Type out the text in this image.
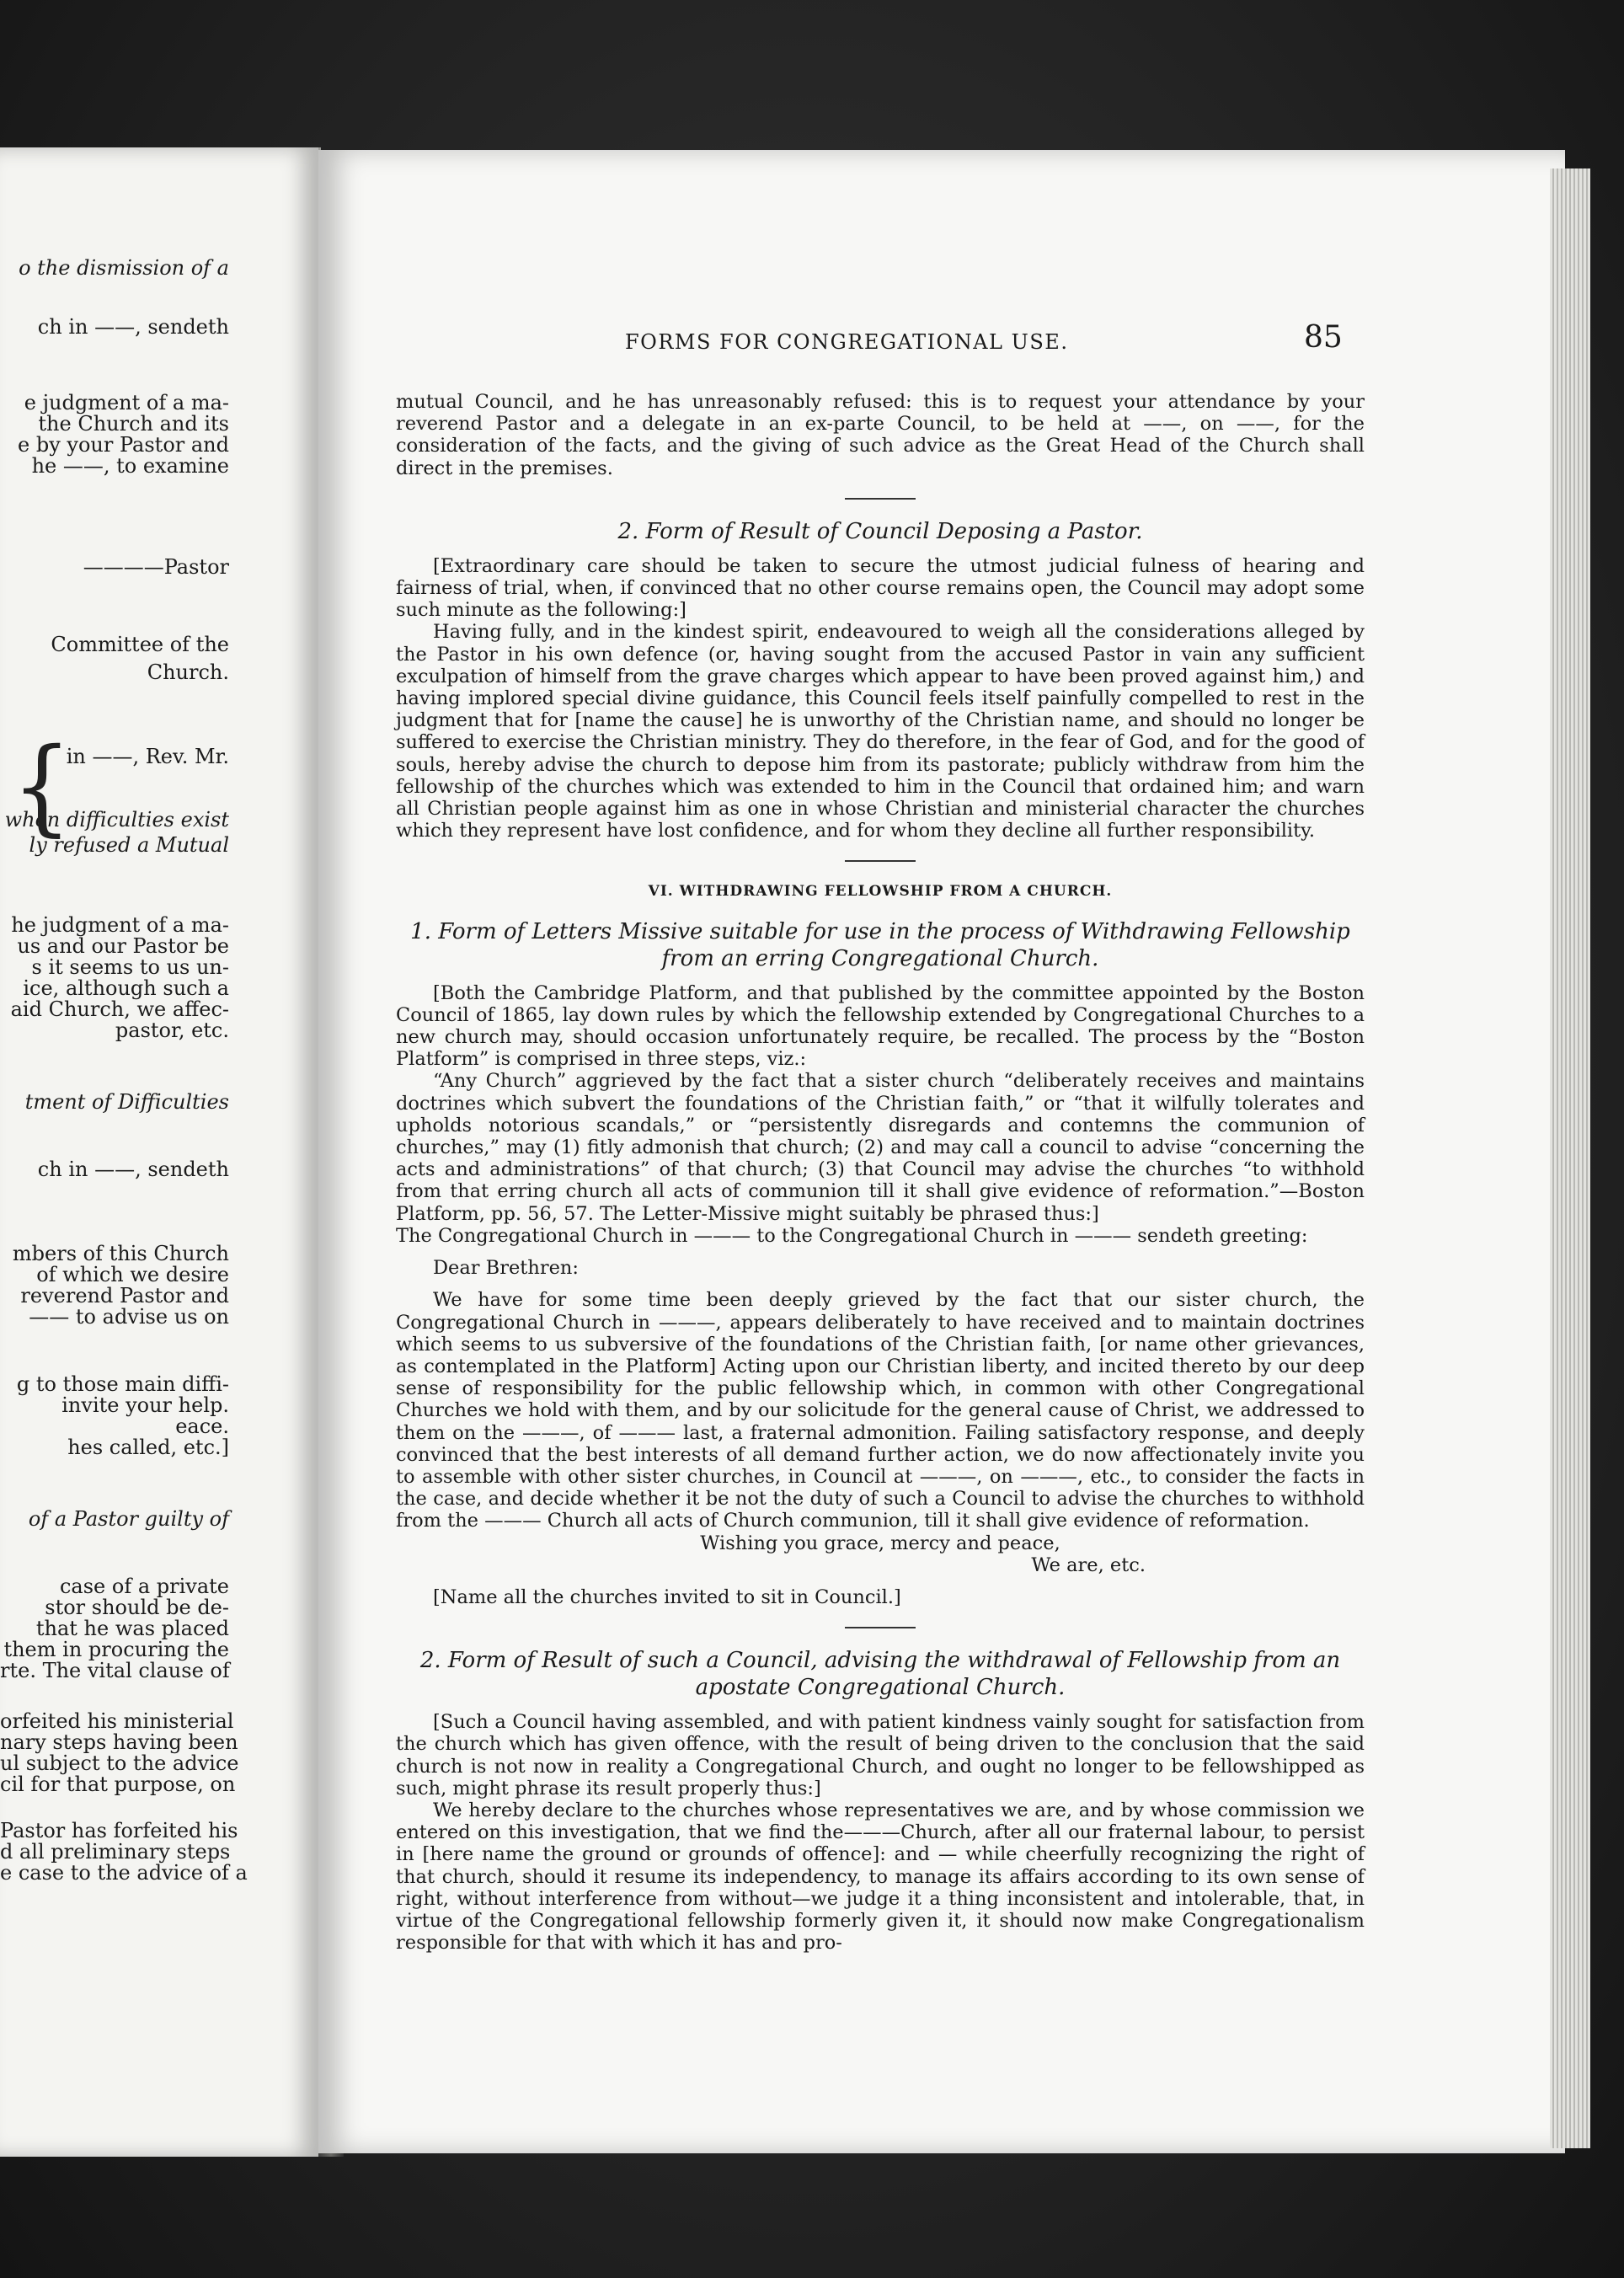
o the dismission of a
ch in ——, sendeth
e judgment of a ma-
the Church and its
e by your Pastor and
he ——, to examine
————Pastor
Committee of the
Church.
in ——, Rev. Mr.
when difficulties exist
ly refused a Mutual
he judgment of a ma-
us and our Pastor be
s it seems to us un-
ice, although such a
aid Church, we affec-
pastor, etc.
tment of Difficulties
ch in ——, sendeth
mbers of this Church
of which we desire
reverend Pastor and
—— to advise us on
g to those main diffi-
invite your help.
eace.
hes called, etc.]
of a Pastor guilty of
case of a private
stor should be de-
that he was placed
them in procuring the
rte. The vital clause of
orfeited his ministerial
nary steps having been
ul subject to the advice
cil for that purpose, on
Pastor has forfeited his
d all preliminary steps
e case to the advice of a
{
FORMS FOR CONGREGATIONAL USE.	85

mutual Council, and he has unreasonably refused: this is to request your attendance by your reverend Pastor and a delegate in an ex-parte Council, to be held at ——, on ——, for the consideration of the facts, and the giving of such advice as the Great Head of the Church shall direct in the premises.

2. Form of Result of Council Deposing a Pastor.

[Extraordinary care should be taken to secure the utmost judicial fulness of hearing and fairness of trial, when, if convinced that no other course remains open, the Council may adopt some such minute as the following:]

Having fully, and in the kindest spirit, endeavoured to weigh all the considerations alleged by the Pastor in his own defence (or, having sought from the accused Pastor in vain any sufficient exculpation of himself from the grave charges which appear to have been proved against him,) and having implored special divine guidance, this Council feels itself painfully compelled to rest in the judgment that for [name the cause] he is unworthy of the Christian name, and should no longer be suffered to exercise the Christian ministry. They do therefore, in the fear of God, and for the good of souls, hereby advise the church to depose him from its pastorate; publicly withdraw from him the fellowship of the churches which was extended to him in the Council that ordained him; and warn all Christian people against him as one in whose Christian and ministerial character the churches which they represent have lost confidence, and for whom they decline all further responsibility.

VI. WITHDRAWING FELLOWSHIP FROM A CHURCH.

1. Form of Letters Missive suitable for use in the process of Withdrawing Fellowship

from an erring Congregational Church.

[Both the Cambridge Platform, and that published by the committee appointed by the Boston Council of 1865, lay down rules by which the fellowship extended by Congregational Churches to a new church may, should occasion unfortunately require, be recalled. The process by the “Boston Platform” is comprised in three steps, viz.:

“Any Church” aggrieved by the fact that a sister church “deliberately receives and maintains doctrines which subvert the foundations of the Christian faith,” or “that it wilfully tolerates and upholds notorious scandals,” or “persistently disregards and contemns the communion of churches,” may (1) fitly admonish that church; (2) and may call a council to advise “concerning the acts and administrations” of that church; (3) that Council may advise the churches “to withhold from that erring church all acts of communion till it shall give evidence of reformation.”—Boston Platform, pp. 56, 57. The Letter-Missive might suitably be phrased thus:]

The Congregational Church in ——— to the Congregational Church in ——— sendeth greeting:

Dear Brethren:

We have for some time been deeply grieved by the fact that our sister church, the Congregational Church in ———, appears deliberately to have received and to maintain doctrines which seems to us subversive of the foundations of the Christian faith, [or name other grievances, as contemplated in the Platform] Acting upon our Christian liberty, and incited thereto by our deep sense of responsibility for the public fellowship which, in common with other Congregational Churches we hold with them, and by our solicitude for the general cause of Christ, we addressed to them on the ———, of ——— last, a fraternal admonition. Failing satisfactory response, and deeply convinced that the best interests of all demand further action, we do now affectionately invite you to assemble with other sister churches, in Council at ———, on ———, etc., to consider the facts in the case, and decide whether it be not the duty of such a Council to advise the churches to withhold from the ——— Church all acts of Church communion, till it shall give evidence of reformation.

Wishing you grace, mercy and peace,

We are, etc.

[Name all the churches invited to sit in Council.]

2. Form of Result of such a Council, advising the withdrawal of Fellowship from an

apostate Congregational Church.

[Such a Council having assembled, and with patient kindness vainly sought for satisfaction from the church which has given offence, with the result of being driven to the conclusion that the said church is not now in reality a Congregational Church, and ought no longer to be fellowshipped as such, might phrase its result properly thus:]

We hereby declare to the churches whose representatives we are, and by whose commission we entered on this investigation, that we find the———Church, after all our fraternal labour, to persist in [here name the ground or grounds of offence]: and — while cheerfully recognizing the right of that church, should it resume its independency, to manage its affairs according to its own sense of right, without interference from without—we judge it a thing inconsistent and intolerable, that, in virtue of the Congregational fellowship formerly given it, it should now make Congregationalism responsible for that with which it has and pro-
